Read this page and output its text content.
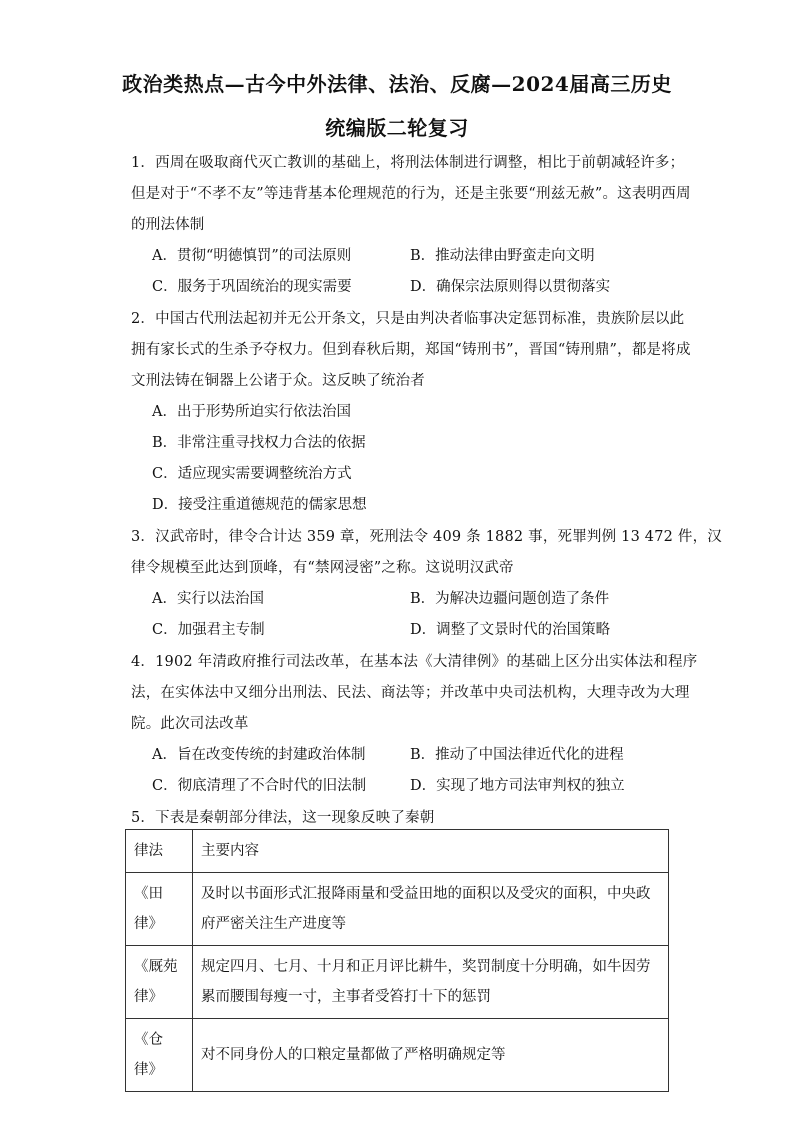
政治类热点—古今中外法律、法治、反腐—2024届高三历史
统编版二轮复习
1．西周在吸取商代灭亡教训的基础上，将刑法体制进行调整，相比于前朝减轻许多；
但是对于“不孝不友”等违背基本伦理规范的行为，还是主张要“刑兹无赦”。这表明西周
的刑法体制
A．贯彻“明德慎罚”的司法原则	B．推动法律由野蛮走向文明
C．服务于巩固统治的现实需要	D．确保宗法原则得以贯彻落实
2．中国古代刑法起初并无公开条文，只是由判决者临事决定惩罚标准，贵族阶层以此
拥有家长式的生杀予夺权力。但到春秋后期，郑国“铸刑书”，晋国“铸刑鼎”，都是将成
文刑法铸在铜器上公诸于众。这反映了统治者
A．出于形势所迫实行依法治国
B．非常注重寻找权力合法的依据
C．适应现实需要调整统治方式
D．接受注重道德规范的儒家思想
3．汉武帝时，律令合计达 359 章，死刑法令 409 条 1882 事，死罪判例 13 472 件，汉
律令规模至此达到顶峰，有“禁网浸密”之称。这说明汉武帝
A．实行以法治国	B．为解决边疆问题创造了条件
C．加强君主专制	D．调整了文景时代的治国策略
4．1902 年清政府推行司法改革，在基本法《大清律例》的基础上区分出实体法和程序
法，在实体法中又细分出刑法、民法、商法等；并改革中央司法机构，大理寺改为大理
院。此次司法改革
A．旨在改变传统的封建政治体制	B．推动了中国法律近代化的进程
C．彻底清理了不合时代的旧法制	D．实现了地方司法审判权的独立
5．下表是秦朝部分律法，这一现象反映了秦朝
律法	主要内容
《田律》	及时以书面形式汇报降雨量和受益田地的面积以及受灾的面积，中央政府严密关注生产进度等
《厩苑律》	规定四月、七月、十月和正月评比耕牛，奖罚制度十分明确，如牛因劳累而腰围每瘦一寸，主事者受笞打十下的惩罚
《仓律》	对不同身份人的口粮定量都做了严格明确规定等
